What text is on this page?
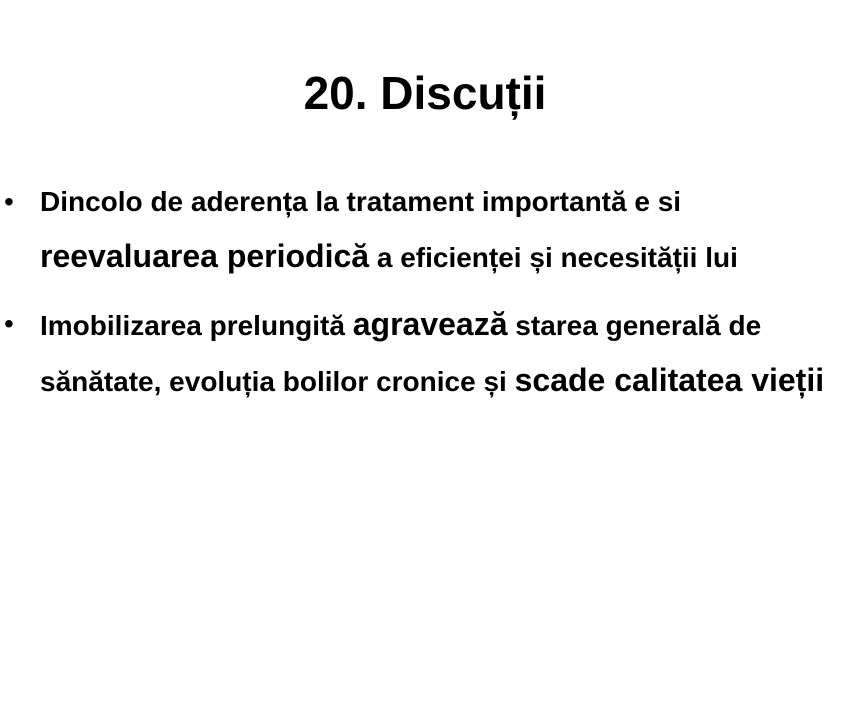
20. Discuții
• Dincolo de aderența la tratament importantă e si reevaluarea periodică a eficienței și necesității lui
• Imobilizarea prelungită agravează starea generală de sănătate, evoluția bolilor cronice și scade calitatea vieții
